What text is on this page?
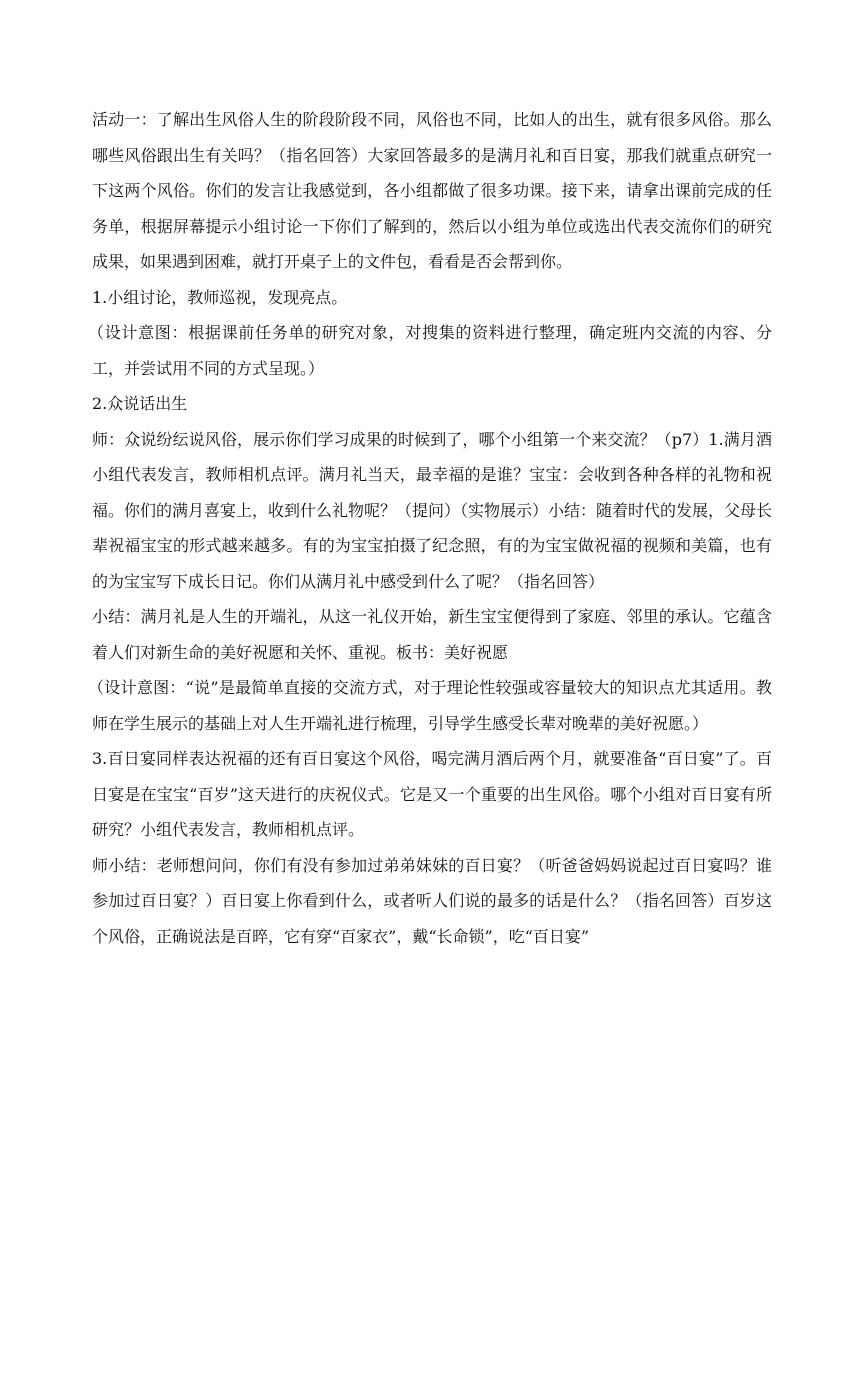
活动一：了解出生风俗人生的阶段阶段不同，风俗也不同，比如人的出生，就有很多风俗。那么哪些风俗跟出生有关吗？（指名回答）大家回答最多的是满月礼和百日宴，那我们就重点研究一下这两个风俗。你们的发言让我感觉到，各小组都做了很多功课。接下来，请拿出课前完成的任务单，根据屏幕提示小组讨论一下你们了解到的，然后以小组为单位或选出代表交流你们的研究成果，如果遇到困难，就打开桌子上的文件包，看看是否会帮到你。

1.小组讨论，教师巡视，发现亮点。

（设计意图：根据课前任务单的研究对象，对搜集的资料进行整理，确定班内交流的内容、分工，并尝试用不同的方式呈现。）

2.众说话出生

师：众说纷纭说风俗，展示你们学习成果的时候到了，哪个小组第一个来交流？（p7）1.满月酒小组代表发言，教师相机点评。满月礼当天，最幸福的是谁？宝宝：会收到各种各样的礼物和祝福。你们的满月喜宴上，收到什么礼物呢？（提问）（实物展示）小结：随着时代的发展，父母长辈祝福宝宝的形式越来越多。有的为宝宝拍摄了纪念照，有的为宝宝做祝福的视频和美篇，也有的为宝宝写下成长日记。你们从满月礼中感受到什么了呢？（指名回答）

小结：满月礼是人生的开端礼，从这一礼仪开始，新生宝宝便得到了家庭、邻里的承认。它蕴含着人们对新生命的美好祝愿和关怀、重视。板书：美好祝愿

（设计意图：“说”是最简单直接的交流方式，对于理论性较强或容量较大的知识点尤其适用。教师在学生展示的基础上对人生开端礼进行梳理，引导学生感受长辈对晚辈的美好祝愿。）

3.百日宴同样表达祝福的还有百日宴这个风俗，喝完满月酒后两个月，就要准备“百日宴”了。百日宴是在宝宝“百岁”这天进行的庆祝仪式。它是又一个重要的出生风俗。哪个小组对百日宴有所研究？小组代表发言，教师相机点评。

师小结：老师想问问，你们有没有参加过弟弟妹妹的百日宴？（听爸爸妈妈说起过百日宴吗？谁参加过百日宴？）百日宴上你看到什么，或者听人们说的最多的话是什么？（指名回答）百岁这个风俗，正确说法是百晬，它有穿“百家衣”，戴“长命锁”，吃“百日宴”
